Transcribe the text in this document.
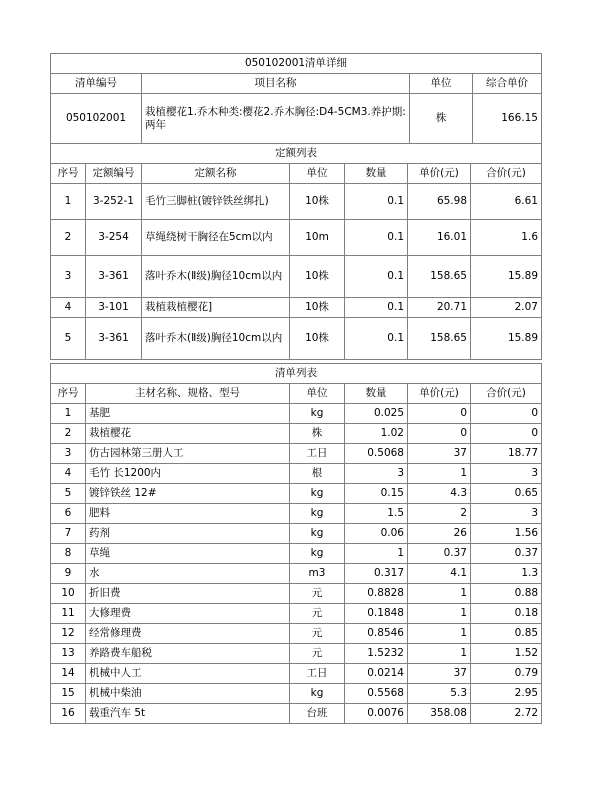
050102001清单详细			
清单编号	项目名称	单位	综合单价
050102001	栽植樱花1.乔木种类:樱花2.乔木胸径:D4-5CM3.养护期:两年	株	166.15
定额列表						
序号	定额编号	定额名称	单位	数量	单价(元)	合价(元)
1	3-252-1	毛竹三脚桩(镀锌铁丝绑扎)	10株	0.1	65.98	6.61
2	3-254	草绳绕树干胸径在5cm以内	10m	0.1	16.01	1.6
3	3-361	落叶乔木(Ⅱ级)胸径10cm以内	10株	0.1	158.65	15.89
4	3-101	栽植栽植樱花]	10株	0.1	20.71	2.07
5	3-361	落叶乔木(Ⅱ级)胸径10cm以内	10株	0.1	158.65	15.89
清单列表					
序号	主材名称、规格、型号	单位	数量	单价(元)	合价(元)
1	基肥	kg	0.025	0	0
2	栽植樱花	株	1.02	0	0
3	仿古园林第三册人工	工日	0.5068	37	18.77
4	毛竹 长1200内	根	3	1	3
5	镀锌铁丝 12#	kg	0.15	4.3	0.65
6	肥料	kg	1.5	2	3
7	药剂	kg	0.06	26	1.56
8	草绳	kg	1	0.37	0.37
9	水	m3	0.317	4.1	1.3
10	折旧费	元	0.8828	1	0.88
11	大修理费	元	0.1848	1	0.18
12	经常修理费	元	0.8546	1	0.85
13	养路费车船税	元	1.5232	1	1.52
14	机械中人工	工日	0.0214	37	0.79
15	机械中柴油	kg	0.5568	5.3	2.95
16	载重汽车 5t	台班	0.0076	358.08	2.72
